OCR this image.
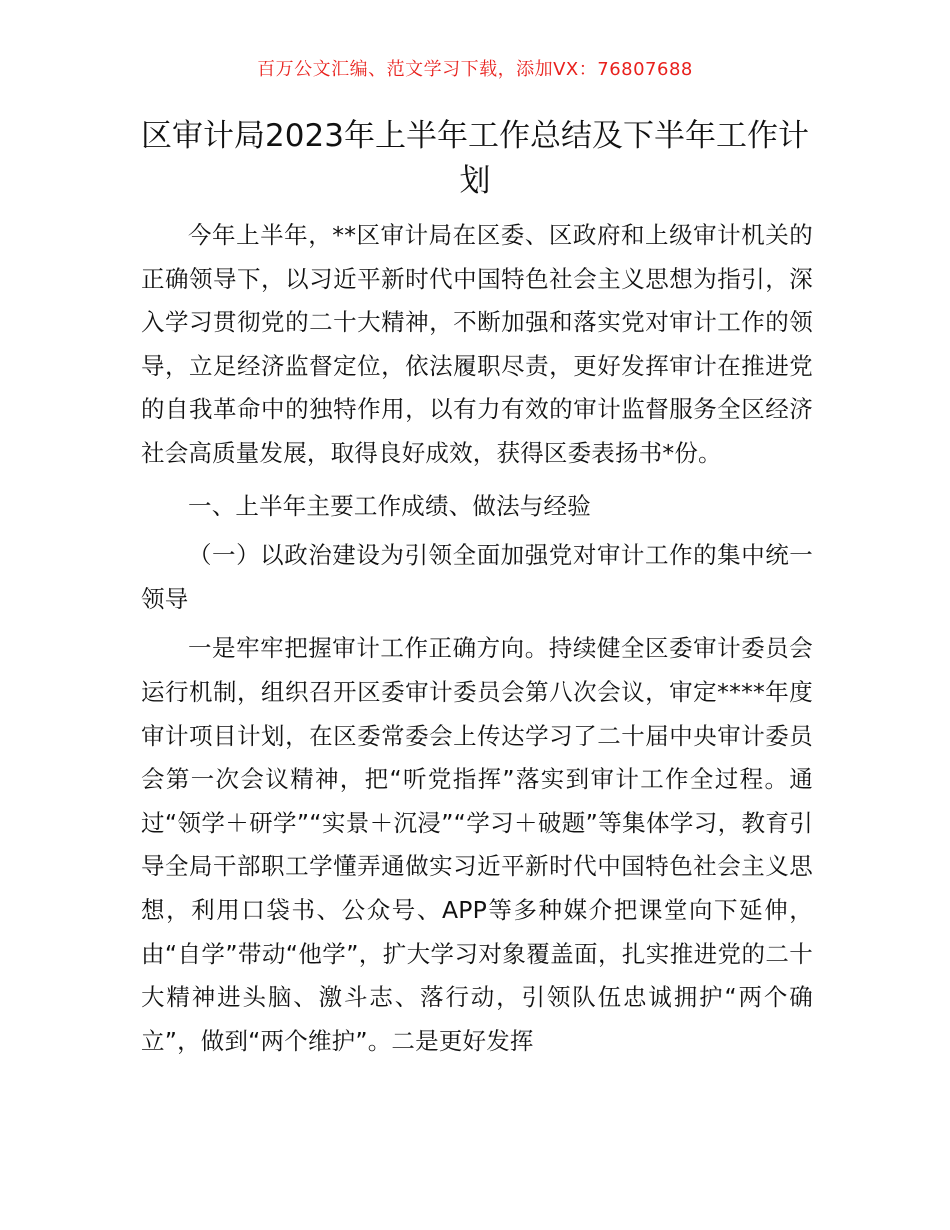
百万公文汇编、范文学习下载，添加VX：76807688
区审计局2023年上半年工作总结及下半年工作计划

今年上半年，**区审计局在区委、区政府和上级审计机关的正确领导下，以习近平新时代中国特色社会主义思想为指引，深入学习贯彻党的二十大精神，不断加强和落实党对审计工作的领导，立足经济监督定位，依法履职尽责，更好发挥审计在推进党的自我革命中的独特作用，以有力有效的审计监督服务全区经济社会高质量发展，取得良好成效，获得区委表扬书*份。

一、上半年主要工作成绩、做法与经验

（一）以政治建设为引领全面加强党对审计工作的集中统一领导

一是牢牢把握审计工作正确方向。持续健全区委审计委员会运行机制，组织召开区委审计委员会第八次会议，审定****年度审计项目计划，在区委常委会上传达学习了二十届中央审计委员会第一次会议精神，把“听党指挥”落实到审计工作全过程。通过“领学＋研学”“实景＋沉浸”“学习＋破题”等集体学习，教育引导全局干部职工学懂弄通做实习近平新时代中国特色社会主义思想，利用口袋书、公众号、APP等多种媒介把课堂向下延伸，由“自学”带动“他学”，扩大学习对象覆盖面，扎实推进党的二十大精神进头脑、激斗志、落行动，引领队伍忠诚拥护“两个确立”，做到“两个维护”。二是更好发挥
